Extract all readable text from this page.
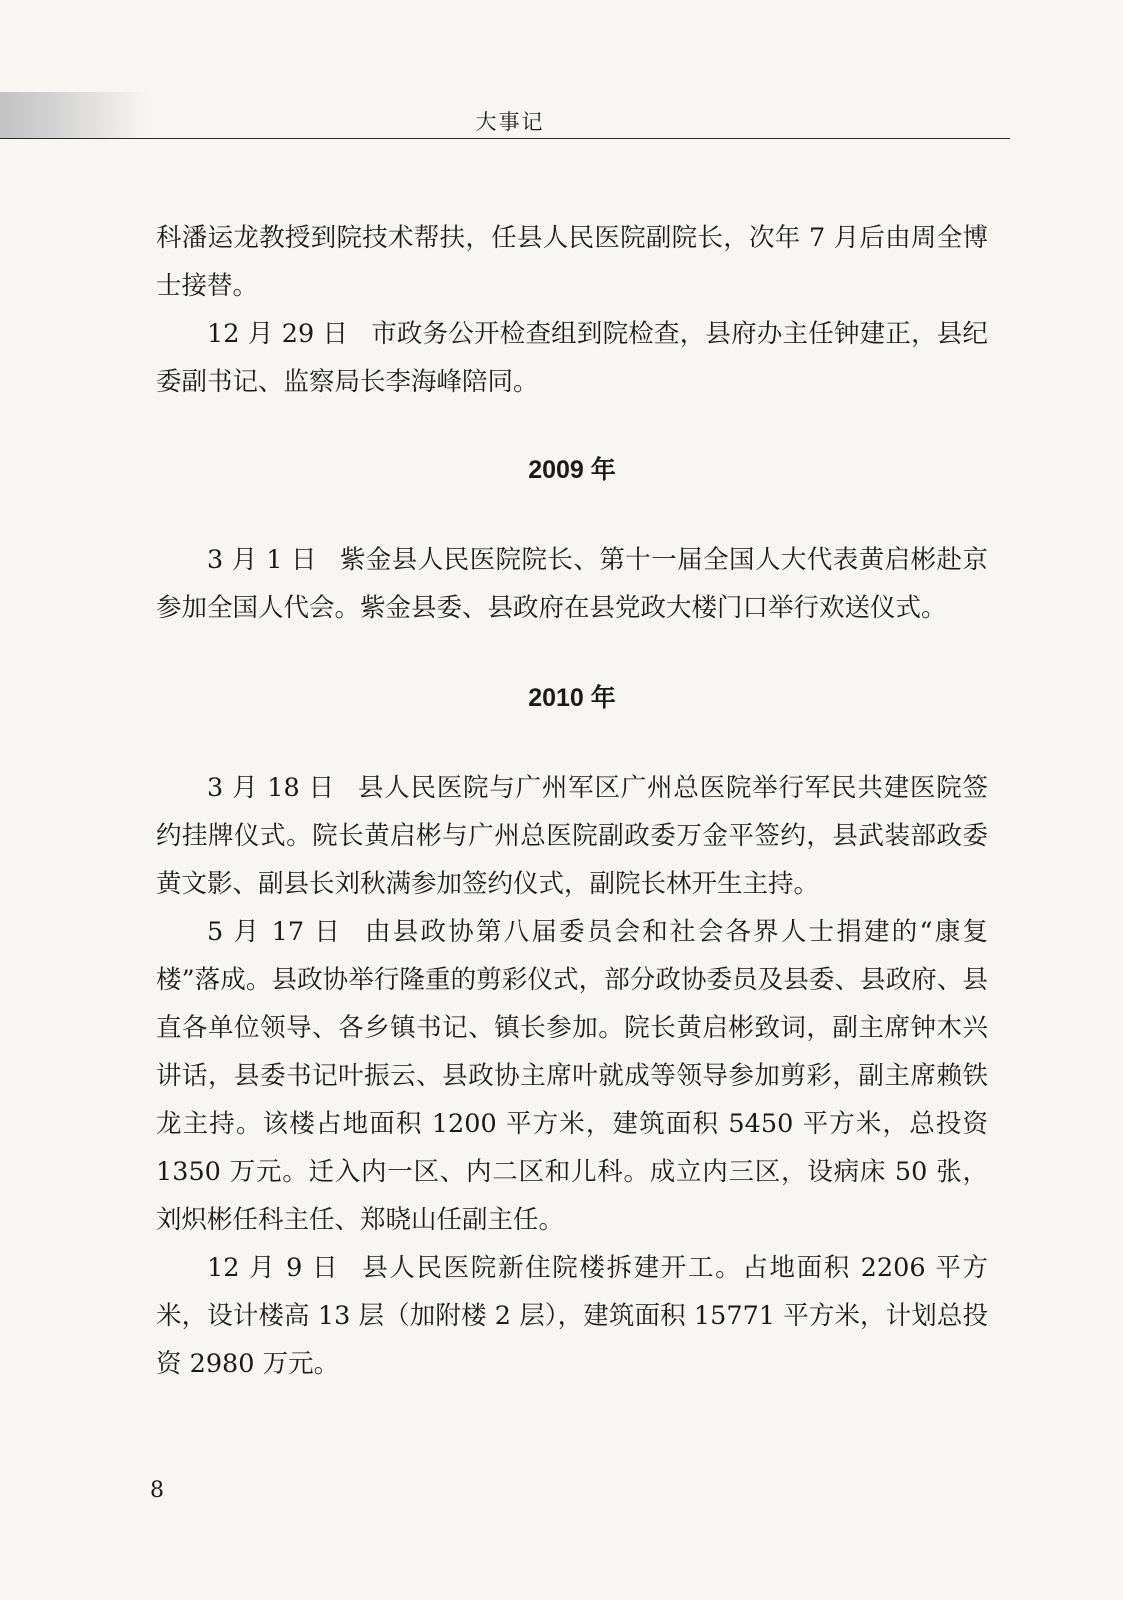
大事记

科潘运龙教授到院技术帮扶，任县人民医院副院长，次年 7 月后由周全博士接替。

12 月 29 日 市政务公开检查组到院检查，县府办主任钟建正，县纪委副书记、监察局长李海峰陪同。

2009 年

3 月 1 日 紫金县人民医院院长、第十一届全国人大代表黄启彬赴京参加全国人代会。紫金县委、县政府在县党政大楼门口举行欢送仪式。

2010 年

3 月 18 日 县人民医院与广州军区广州总医院举行军民共建医院签约挂牌仪式。院长黄启彬与广州总医院副政委万金平签约，县武装部政委黄文影、副县长刘秋满参加签约仪式，副院长林开生主持。

5 月 17 日 由县政协第八届委员会和社会各界人士捐建的“康复楼”落成。县政协举行隆重的剪彩仪式，部分政协委员及县委、县政府、县直各单位领导、各乡镇书记、镇长参加。院长黄启彬致词，副主席钟木兴讲话，县委书记叶振云、县政协主席叶就成等领导参加剪彩，副主席赖铁龙主持。该楼占地面积 1200 平方米，建筑面积 5450 平方米，总投资 1350 万元。迁入内一区、内二区和儿科。成立内三区，设病床 50 张，刘炽彬任科主任、郑晓山任副主任。

12 月 9 日 县人民医院新住院楼拆建开工。占地面积 2206 平方米，设计楼高 13 层（加附楼 2 层），建筑面积 15771 平方米，计划总投资 2980 万元。

8
